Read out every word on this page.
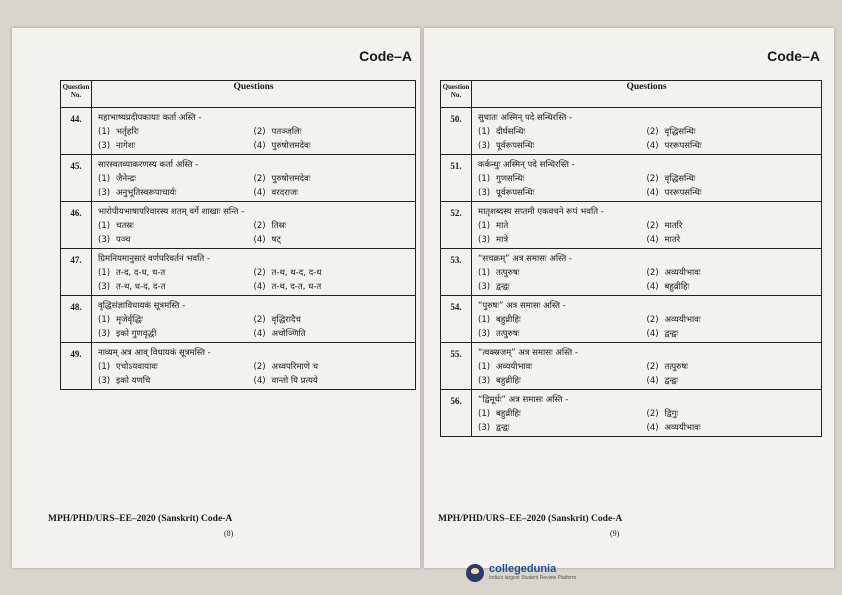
Code–A
Question
No.	Questions
44.	महाभाष्यप्रदीपकायाः कर्ता अस्ति -
(1) भर्तृहरिः (2) पतञ्जलिः
(3) नागेशः (4) पुरुषोत्तमदेवः

45.	सारस्वतव्याकरणस्य कर्ता अस्ति -
(1) जैनेन्द्रः (2) पुरुषोत्तमदेवः
(3) अनुभूतिस्वरूपाचार्यः (4) वरदराजः

46.	भारोपीयभाषापरिवारस्य शतम् वर्गे शाखाः सन्ति -
(1) चतस्रः (2) तिस्रः
(3) पञ्च (4) षट्

47.	ग्रिमनियमानुसारं वर्णपरिवर्तनं भवति -
(1) त-द, द-ध, ध-त (2) त-थ, थ-द, द-ध
(3) त-थ, ध-द, द-त (4) त-थ, द-त, ध-त

48.	वृद्धिसंज्ञाविधायकं सूत्रमस्ति -
(1) मृजेर्वृद्धिः (2) वृद्धिरादैच
(3) इको गुणवृद्धी (4) अचोञ्णिति

49.	नाव्यम् अत्र आव् विधायकं सूत्रमस्ति -
(1) एचोऽयवायावः (2) अध्वपरिमाणे च
(3) इको यणचि (4) वान्तो यि प्रत्यये
MPH/PHD/URS–EE–2020 (Sanskrit) Code-A
(8)
Code–A
Question
No.	Questions
50.	सुधातः अस्मिन् पदे सन्धिरस्ति -
(1) दीर्घसन्धिः (2) वृद्धिसन्धिः
(3) पूर्वरूपसन्धिः (4) पररूपसन्धिः

51.	कर्कन्धुः अस्मिन् पदे सन्धिरस्ति -
(1) गुणसन्धिः (2) वृद्धिसन्धिः
(3) पूर्वरूपसन्धिः (4) पररूपसन्धिः

52.	मातृशब्दस्य सप्तमी एकवचने रूपं भवति -
(1) माते (2) मातरि
(3) मात्रे (4) मातरे

53.	“सचक्रम्” अत्र समासः अस्ति -
(1) तत्पुरुषः (2) अव्ययीभावः
(3) द्वन्द्वः (4) बहुव्रीहिः

54.	“पुरुषः” अत्र समासः अस्ति -
(1) बहुव्रीहिः (2) अव्ययीभावः
(3) तत्पुरुषः (4) द्वन्द्वः

55.	“त्वक्स्रजम्” अत्र समासः अस्ति -
(1) अव्ययीभावः (2) तत्पुरुषः
(3) बहुव्रीहिः (4) द्वन्द्वः

56.	“द्विमूर्धः” अत्र समासः अस्ति -
(1) बहुव्रीहिः (2) द्विगुः
(3) द्वन्द्वः (4) अव्ययीभावः
MPH/PHD/URS–EE–2020 (Sanskrit) Code-A
(9)
collegedunia
India's largest Student Review Platform
